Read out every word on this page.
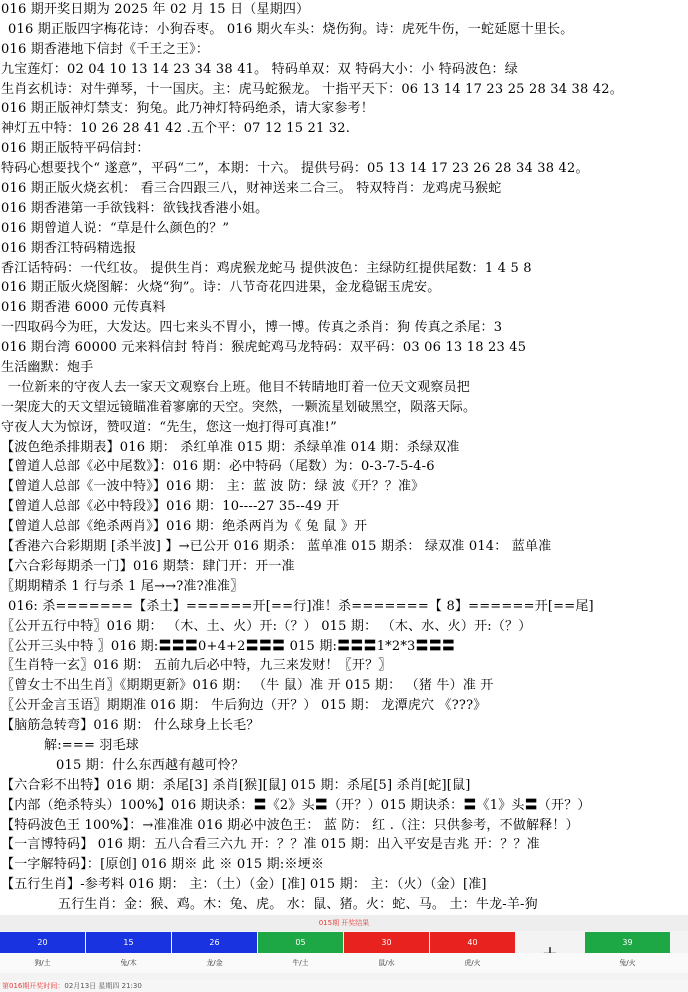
016 期开奖日期为 2025 年 02 月 15 日（星期四）
016 期正版四字梅花诗：小狗吞枣。 016 期火车头：烧伤狗。诗：虎死牛伤，一蛇延愿十里长。
016 期香港地下信封《千王之王》：
九宝莲灯：02 04 10 13 14 23 34 38 41。 特码单双：双 特码大小：小 特码波色：绿
生肖玄机诗：对牛弹琴，十一国庆。主：虎马蛇猴龙。 十指平天下：06 13 14 17 23 25 28 34 38 42。
016 期正版神灯禁支：狗兔。此乃神灯特码绝杀，请大家参考！
神灯五中特：10 26 28 41 42 .五个平：07 12 15 21 32.
016 期正版特平码信封：
特码心想要找个“ 遂意”，平码“二”，本期：十六。 提供号码：05 13 14 17 23 26 28 34 38 42。
016 期正版火烧玄机： 看三合四跟三八，财神送来二合三。 特双特肖：龙鸡虎马猴蛇
016 期香港第一手欲钱料：欲钱找香港小姐。
016 期曾道人说：“草是什么颜色的？”
016 期香江特码精选报
香江话特码：一代红妆。 提供生肖：鸡虎猴龙蛇马 提供波色：主绿防红提供尾数：1 4 5 8
016 期正版火烧图解：火烧“狗”。诗：八节奇花四进果，金龙稳锯玉虎安。
016 期香港 6000 元传真料
一四取码今为旺，大发达。四七来头不胃小，博一博。传真之杀肖：狗 传真之杀尾：3
016 期台湾 60000 元来料信封 特肖：猴虎蛇鸡马龙特码：双平码：03 06 13 18 23 45
生活幽默：炮手
一位新来的守夜人去一家天文观察台上班。他目不转睛地盯着一位天文观察员把
一架庞大的天文望远镜瞄准着寥廓的天空。突然，一颗流星划破黑空，陨落天际。
守夜人大为惊讶，赞叹道：“先生，您这一炮打得可真准!”
【波色绝杀排期表】016 期： 杀红单准 015 期：杀绿单准 014 期：杀绿双准
【曾道人总部《必中尾数》】：016 期：必中特码（尾数）为：0-3-7-5-4-6
【曾道人总部《一波中特》】016 期： 主：蓝 波 防：绿 波《开？？准》
【曾道人总部《必中特段》】016 期：10----27 35--49 开
【曾道人总部《绝杀两肖》】016 期：绝杀两肖为《 兔 鼠 》开
【香港六合彩期期 [杀半波] 】→已公开 016 期杀： 蓝单准 015 期杀： 绿双准 014： 蓝单准
【六合彩每期杀一门】016 期禁：肆门开：开一准
〖期期精杀 1 行与杀 1 尾→→?准?准准〗
016: 杀=======【杀土】======开[==行]准！杀=======【 8】======开[==尾]
〖公开五行中特〗016 期： （木、土、火）开:（？） 015 期： （木、水、火）开:（？）
〖公开三头中特 〗016 期:〓〓〓0+4+2〓〓〓 015 期:〓〓〓1*2*3〓〓〓
〖生肖特一玄〗016 期： 五前九后必中特，九三来发财！〖开？〗
〖曾女士不出生肖〗《期期更新》016 期： （牛 鼠）准 开 015 期： （猪 牛）准 开
〖公开金言玉语〗期期准 016 期： 牛后狗边（开？） 015 期： 龙潭虎穴 《???》
【脑筋急转弯】016 期： 什么球身上长毛？
解:=== 羽毛球
015 期：什么东西越有越可怜？
【六合彩不出特】016 期：杀尾[3] 杀肖[猴][鼠] 015 期：杀尾[5] 杀肖[蛇][鼠]
【内部（绝杀特头）100%】016 期诀杀：〓《2》头〓（开？）015 期诀杀：〓《1》头〓（开？）
【特码波色王 100%】：→准准准 016 期必中波色王： 蓝 防： 红 .（注：只供参考，不做解释！）
【一言博特码】 016 期：五八合看三六九 开：？？准 015 期：出入平安是吉兆 开：？？准
【一字解特码】：[原创] 016 期※ 此 ※ 015 期:※埂※
【五行生肖】-参考料 016 期： 主：（土）（金）[准] 015 期： 主：（火）（金）[准]
五行生肖：金：猴、鸡。木：兔、虎。 水：鼠、猪。火：蛇、马。 土：牛龙-羊-狗
015期 开奖结果
20	15	26	05	30	40	39
狗/土	兔/木	龙/金	牛/土	鼠/水	虎/火	兔/火
第016期开奖时间：02月13日 星期四 21:30
